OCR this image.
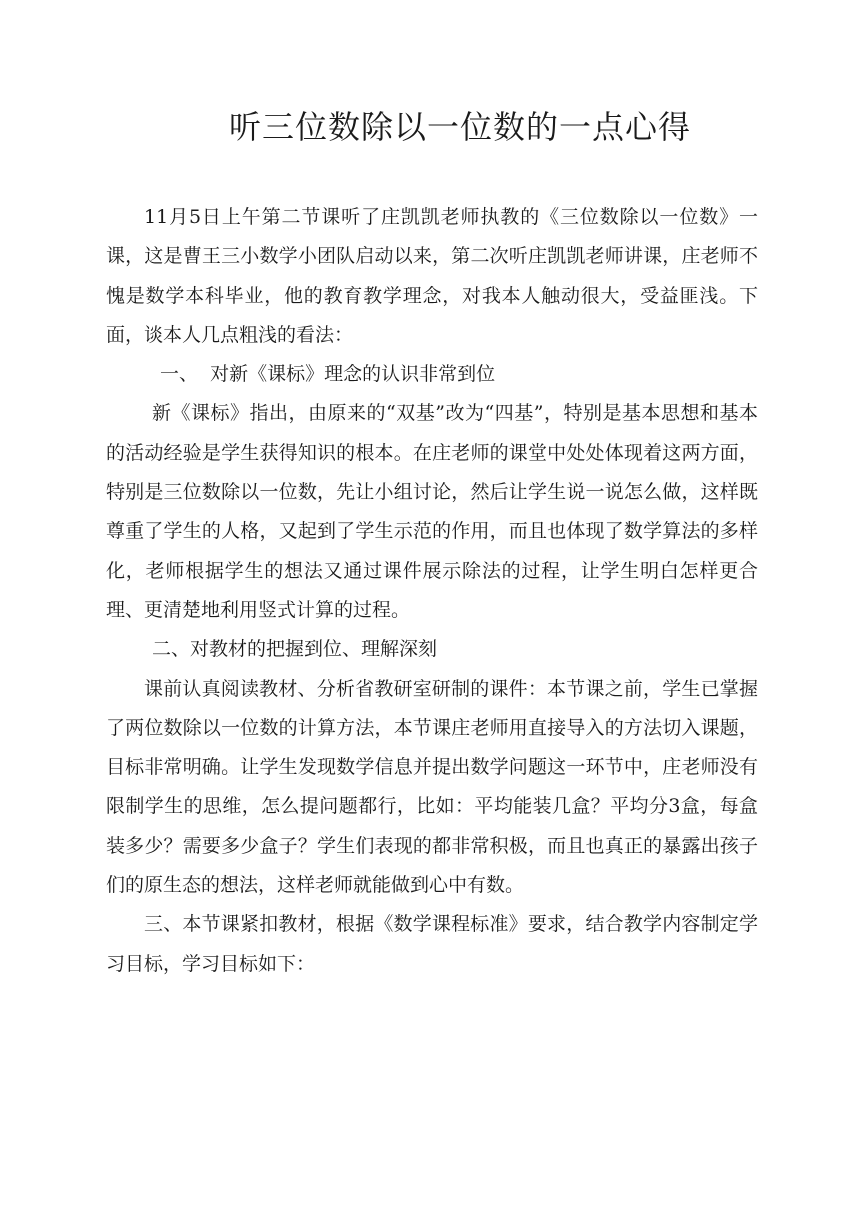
听三位数除以一位数的一点心得

11月5日上午第二节课听了庄凯凯老师执教的《三位数除以一位数》一课，这是曹王三小数学小团队启动以来，第二次听庄凯凯老师讲课，庄老师不愧是数学本科毕业，他的教育教学理念，对我本人触动很大，受益匪浅。下面，谈本人几点粗浅的看法：

一、  对新《课标》理念的认识非常到位

新《课标》指出，由原来的“双基”改为“四基”，特别是基本思想和基本的活动经验是学生获得知识的根本。在庄老师的课堂中处处体现着这两方面，特别是三位数除以一位数，先让小组讨论，然后让学生说一说怎么做，这样既尊重了学生的人格，又起到了学生示范的作用，而且也体现了数学算法的多样化，老师根据学生的想法又通过课件展示除法的过程，让学生明白怎样更合理、更清楚地利用竖式计算的过程。

二、对教材的把握到位、理解深刻

课前认真阅读教材、分析省教研室研制的课件：本节课之前，学生已掌握了两位数除以一位数的计算方法，本节课庄老师用直接导入的方法切入课题，目标非常明确。让学生发现数学信息并提出数学问题这一环节中，庄老师没有限制学生的思维，怎么提问题都行，比如：平均能装几盒？平均分3盒，每盒装多少？需要多少盒子？学生们表现的都非常积极，而且也真正的暴露出孩子们的原生态的想法，这样老师就能做到心中有数。

三、本节课紧扣教材，根据《数学课程标准》要求，结合教学内容制定学习目标，学习目标如下：
